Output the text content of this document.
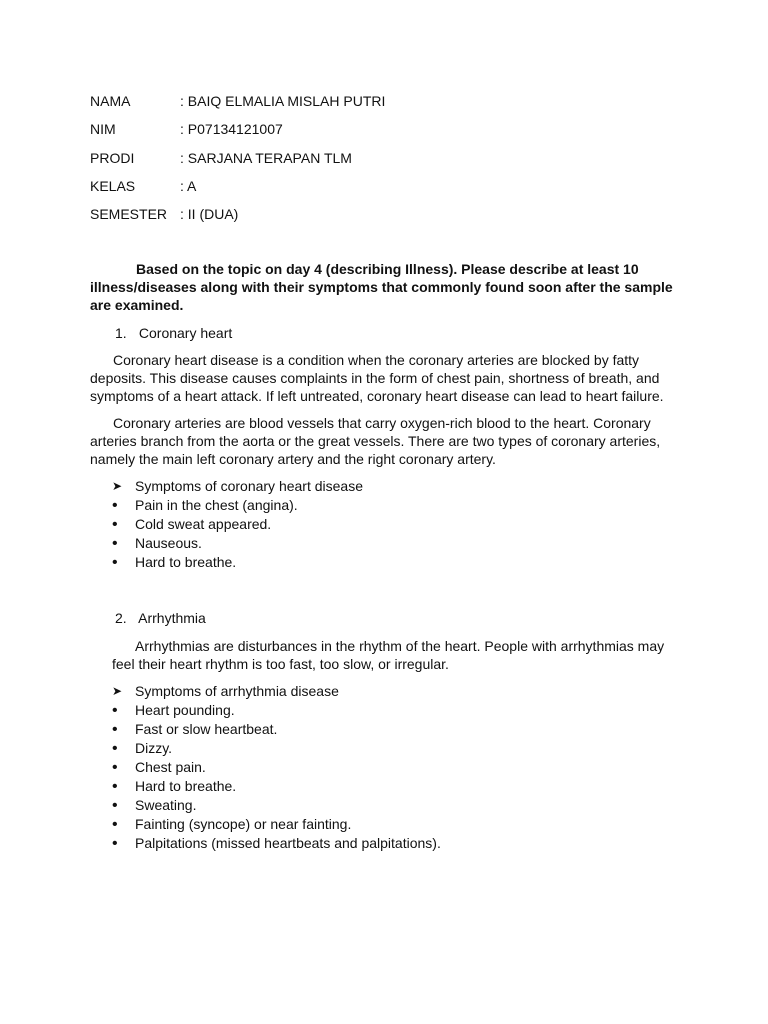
NAMA	: BAIQ ELMALIA MISLAH PUTRI
NIM	: P07134121007
PRODI	: SARJANA TERAPAN TLM
KELAS	: A
SEMESTER : II (DUA)
Based on the topic on day 4 (describing Illness). Please describe at least 10 illness/diseases along with their symptoms that commonly found soon after the sample are examined.
1. Coronary heart
Coronary heart disease is a condition when the coronary arteries are blocked by fatty deposits. This disease causes complaints in the form of chest pain, shortness of breath, and symptoms of a heart attack. If left untreated, coronary heart disease can lead to heart failure.
Coronary arteries are blood vessels that carry oxygen-rich blood to the heart. Coronary arteries branch from the aorta or the great vessels. There are two types of coronary arteries, namely the main left coronary artery and the right coronary artery.
➤ Symptoms of coronary heart disease
•	Pain in the chest (angina).
•	Cold sweat appeared.
•	Nauseous.
•	Hard to breathe.
2. Arrhythmia
Arrhythmias are disturbances in the rhythm of the heart. People with arrhythmias may feel their heart rhythm is too fast, too slow, or irregular.
➤ Symptoms of arrhythmia disease
•	Heart pounding.
•	Fast or slow heartbeat.
•	Dizzy.
•	Chest pain.
•	Hard to breathe.
•	Sweating.
•	Fainting (syncope) or near fainting.
•	Palpitations (missed heartbeats and palpitations).
